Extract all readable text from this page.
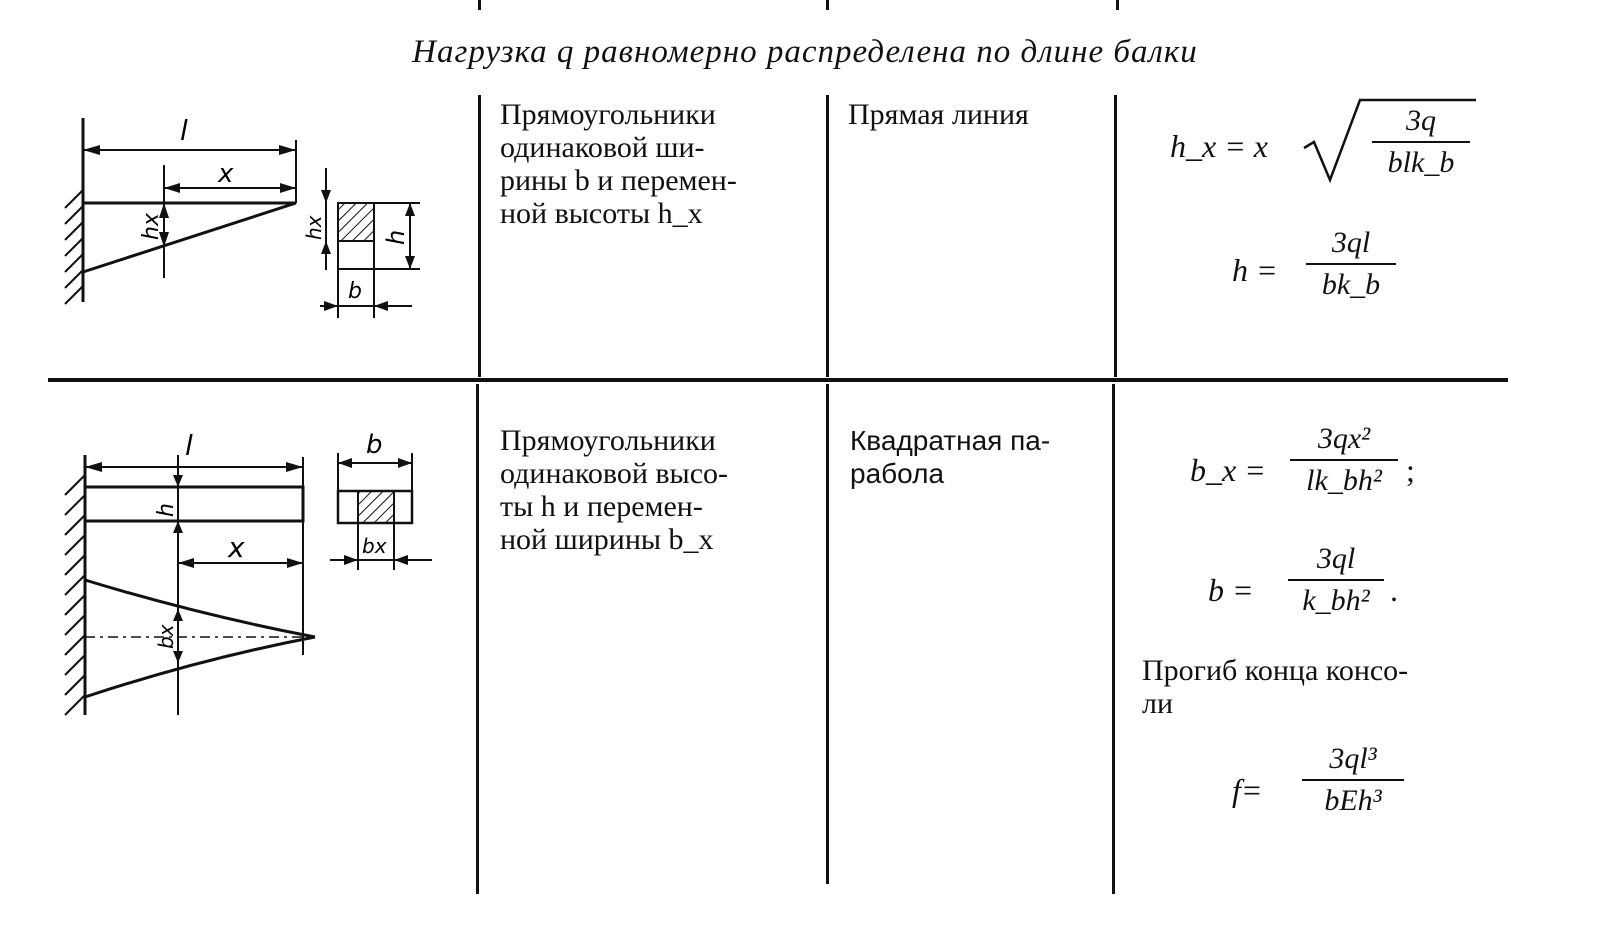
Нагрузка q равномерно распределена по длине балки
l
x
hx	hx h
b
Прямоугольники
одинаковой ши-
рины b и перемен-
ной высоты h_x
Прямая линия
h_x = x
3q
blk_b
h =
3ql
bk_b
l
h
x
bx
b
bx
Прямоугольники
одинаковой высо-
ты h и перемен-
ной ширины b_x
Квадратная па-
рабола	b_x =
3qx²
lk_bh² ;
b =
3ql
k_bh² .
Прогиб конца консо-
ли
f=
3ql³
bEh³
